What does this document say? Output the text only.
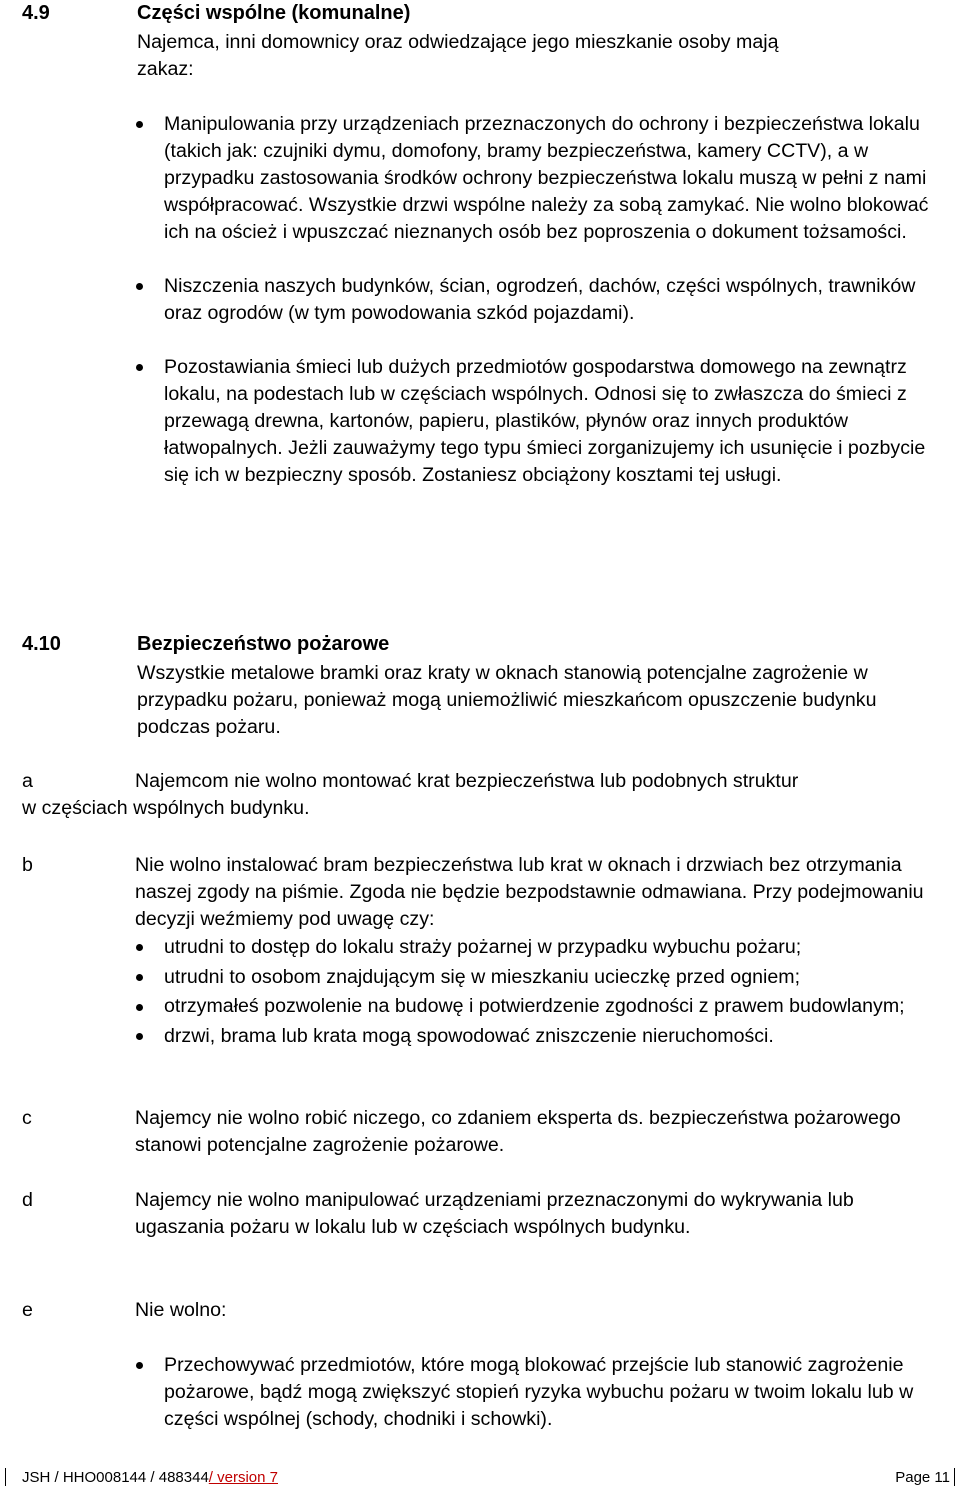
4.9	Części wspólne (komunalne)
Najemca, inni domownicy oraz odwiedzające jego mieszkanie osoby mają zakaz:
Manipulowania przy urządzeniach przeznaczonych do ochrony i bezpieczeństwa lokalu (takich jak: czujniki dymu, domofony, bramy bezpieczeństwa, kamery CCTV), a w przypadku zastosowania środków ochrony bezpieczeństwa lokalu muszą w pełni z nami współpracować. Wszystkie drzwi wspólne należy za sobą zamykać. Nie wolno blokować ich na oścież i wpuszczać nieznanych osób bez poproszenia o dokument tożsamości.
Niszczenia naszych budynków, ścian, ogrodzeń, dachów, części wspólnych, trawników oraz ogrodów (w tym powodowania szkód pojazdami).
Pozostawiania śmieci lub dużych przedmiotów gospodarstwa domowego na zewnątrz lokalu, na podestach lub w częściach wspólnych. Odnosi się to zwłaszcza do śmieci z przewagą drewna, kartonów, papieru, plastików, płynów oraz innych produktów łatwopalnych. Jeżli zauważymy tego typu śmieci zorganizujemy ich usunięcie i pozbycie się ich w bezpieczny sposób. Zostaniesz obciążony kosztami tej usługi.
4.10	Bezpieczeństwo pożarowe
Wszystkie metalowe bramki oraz kraty w oknach stanowią potencjalne zagrożenie w przypadku pożaru, ponieważ mogą uniemożliwić mieszkańcom opuszczenie budynku podczas pożaru.
a	Najemcom nie wolno montować krat bezpieczeństwa lub podobnych struktur
w częściach wspólnych budynku.
b	Nie wolno instalować bram bezpieczeństwa lub krat w oknach i drzwiach bez otrzymania naszej zgody na piśmie. Zgoda nie będzie bezpodstawnie odmawiana. Przy podejmowaniu decyzji weźmiemy pod uwagę czy:
utrudni to dostęp do lokalu straży pożarnej w przypadku wybuchu pożaru;
utrudni to osobom znajdującym się w mieszkaniu ucieczkę przed ogniem;
otrzymałeś pozwolenie na budowę i potwierdzenie zgodności z prawem budowlanym;
drzwi, brama lub krata mogą spowodować zniszczenie nieruchomości.
c	Najemcy nie wolno robić niczego, co zdaniem eksperta ds. bezpieczeństwa pożarowego stanowi potencjalne zagrożenie pożarowe.
d	Najemcy nie wolno manipulować urządzeniami przeznaczonymi do wykrywania lub ugaszania pożaru w lokalu lub w częściach wspólnych budynku.
e	Nie wolno:
Przechowywać przedmiotów, które mogą blokować przejście lub stanowić zagrożenie pożarowe, bądź mogą zwiększyć stopień ryzyka wybuchu pożaru w twoim lokalu lub w części wspólnej (schody, chodniki i schowki).
JSH / HHO008144 / 488344/ version 7	Page 11
